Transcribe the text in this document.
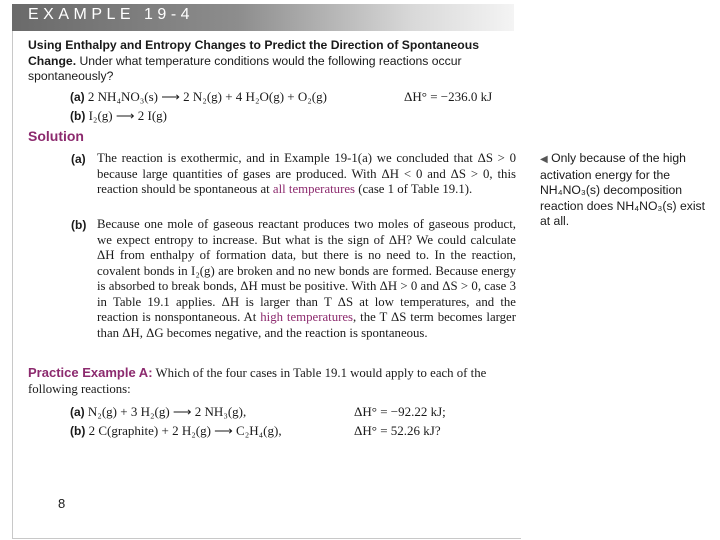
EXAMPLE 19-4
Using Enthalpy and Entropy Changes to Predict the Direction of Spontaneous Change. Under what temperature conditions would the following reactions occur spontaneously?
(a) 2 NH₄NO₃(s) ⟶ 2 N₂(g) + 4 H₂O(g) + O₂(g)	ΔH° = −236.0 kJ
(b) I₂(g) ⟶ 2 I(g)
Solution
(a) The reaction is exothermic, and in Example 19-1(a) we concluded that ΔS > 0 because large quantities of gases are produced. With ΔH < 0 and ΔS > 0, this reaction should be spontaneous at all temperatures (case 1 of Table 19.1).
(b) Because one mole of gaseous reactant produces two moles of gaseous product, we expect entropy to increase. But what is the sign of ΔH? We could calculate ΔH from enthalpy of formation data, but there is no need to. In the reaction, covalent bonds in I₂(g) are broken and no new bonds are formed. Because energy is absorbed to break bonds, ΔH must be positive. With ΔH > 0 and ΔS > 0, case 3 in Table 19.1 applies. ΔH is larger than T ΔS at low temperatures, and the reaction is nonspontaneous. At high temperatures, the T ΔS term becomes larger than ΔH, ΔG becomes negative, and the reaction is spontaneous.
◀ Only because of the high activation energy for the NH₄NO₃(s) decomposition reaction does NH₄NO₃(s) exist at all.
Practice Example A: Which of the four cases in Table 19.1 would apply to each of the following reactions:
(a) N₂(g) + 3 H₂(g) ⟶ 2 NH₃(g),	ΔH° = −92.22 kJ;
(b) 2 C(graphite) + 2 H₂(g) ⟶ C₂H₄(g),	ΔH° = 52.26 kJ?
8
